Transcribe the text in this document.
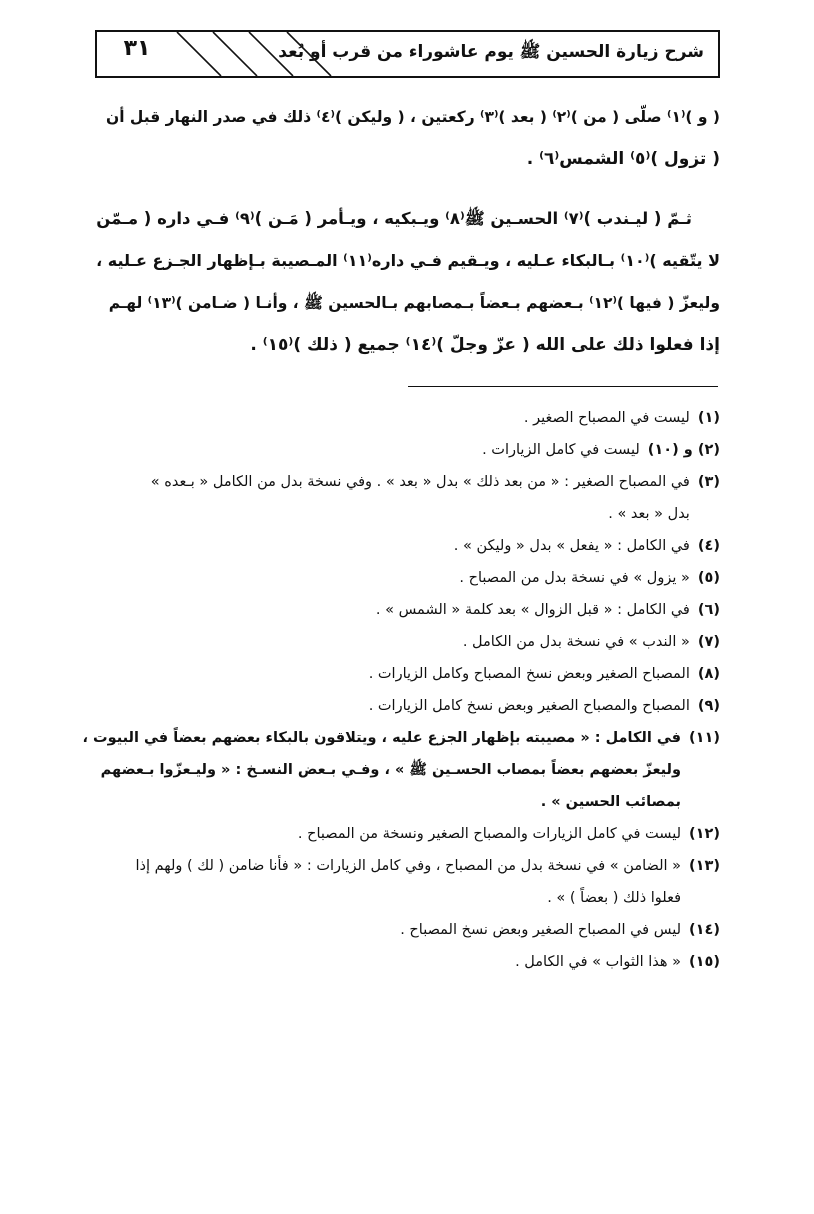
شرح زيارة الحسين ﷺ يوم عاشوراء من قرب أو بُعد
٣١

( و )⁽١⁾ صلّى ( من )⁽٢⁾ ( بعد )⁽٣⁾ ركعتين ، ( وليكن )⁽٤⁾ ذلك في صدر النهار قبل أن
( تزول )⁽٥⁾ الشمس⁽٦⁾ .

ثـمّ ( ليـندب )⁽٧⁾ الحسـين ﷺ⁽٨⁾ ويـبكيه ، ويـأمر ( مَـن )⁽٩⁾ فـي داره ( مـمّن
لا يتّقيه )⁽١٠⁾ بـالبكاء عـليه ، ويـقيم فـي داره⁽١١⁾ المـصيبة بـإظهار الجـزع عـليه ،
وليعزّ ( فيها )⁽١٢⁾ بـعضهم بـعضاً بـمصابهم بـالحسين ﷺ ، وأنـا ( ضـامن )⁽١٣⁾ لهـم
إذا فعلوا ذلك على الله ( عزّ وجلّ )⁽١٤⁾ جميع ( ذلك )⁽١٥⁾ .

(١)
ليست في المصباح الصغير .
(٢) و (١٠)
ليست في كامل الزيارات .
(٣)
في المصباح الصغير : « من بعد ذلك » بدل « بعد » . وفي نسخة بدل من الكامل « بـعده »
بدل « بعد » .
(٤)
في الكامل : « يفعل » بدل « وليكن » .
(٥)
« يزول » في نسخة بدل من المصباح .
(٦)
في الكامل : « قبل الزوال » بعد كلمة « الشمس » .
(٧)
« الندب » في نسخة بدل من الكامل .
(٨)
المصباح الصغير وبعض نسخ المصباح وكامل الزيارات .
(٩)
المصباح والمصباح الصغير وبعض نسخ كامل الزيارات .
(١١)
في الكامل : « مصيبته بإظهار الجزع عليه ، ويتلاقون بالبكاء بعضهم بعضاً في البيوت ،
وليعزّ بعضهم بعضاً بمصاب الحسـين ﷺ » ، وفـي بـعض النسـخ : « وليـعزّوا بـعضهم
بمصائب الحسين » .
(١٢)
ليست في كامل الزيارات والمصباح الصغير ونسخة من المصباح .
(١٣)
« الضامن » في نسخة بدل من المصباح ، وفي كامل الزيارات : « فأنا ضامن ( لك ) ولهم إذا
فعلوا ذلك ( بعضاً ) » .
(١٤)
ليس في المصباح الصغير وبعض نسخ المصباح .
(١٥)
« هذا الثواب » في الكامل .
